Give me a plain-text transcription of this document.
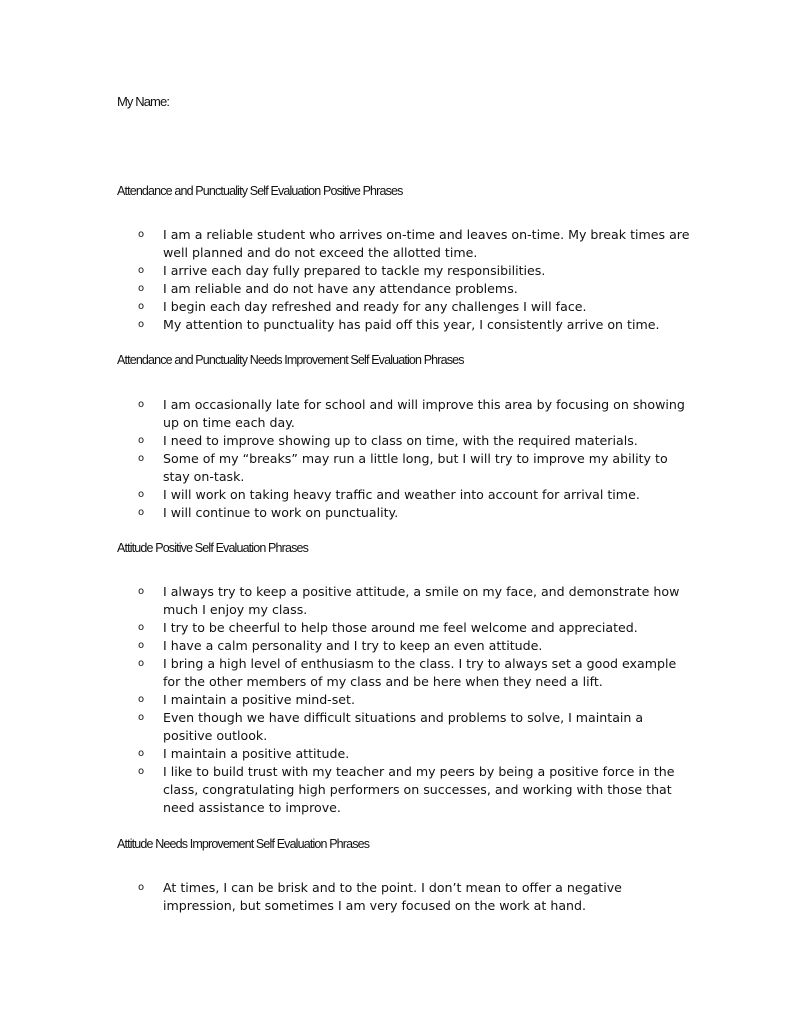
My Name:
Attendance and Punctuality Self Evaluation Positive Phrases
o I am a reliable student who arrives on-time and leaves on-time. My break times are well planned and do not exceed the allotted time.
o I arrive each day fully prepared to tackle my responsibilities.
o I am reliable and do not have any attendance problems.
o I begin each day refreshed and ready for any challenges I will face.
o My attention to punctuality has paid off this year, I consistently arrive on time.
Attendance and Punctuality Needs Improvement Self Evaluation Phrases
o I am occasionally late for school and will improve this area by focusing on showing up on time each day.
o I need to improve showing up to class on time, with the required materials.
o Some of my “breaks” may run a little long, but I will try to improve my ability to stay on-task.
o I will work on taking heavy traffic and weather into account for arrival time.
o I will continue to work on punctuality.
Attitude Positive Self Evaluation Phrases
o I always try to keep a positive attitude, a smile on my face, and demonstrate how much I enjoy my class.
o I try to be cheerful to help those around me feel welcome and appreciated.
o I have a calm personality and I try to keep an even attitude.
o I bring a high level of enthusiasm to the class. I try to always set a good example for the other members of my class and be here when they need a lift.
o I maintain a positive mind-set.
o Even though we have difficult situations and problems to solve, I maintain a positive outlook.
o I maintain a positive attitude.
o I like to build trust with my teacher and my peers by being a positive force in the class, congratulating high performers on successes, and working with those that need assistance to improve.
Attitude Needs Improvement Self Evaluation Phrases
o At times, I can be brisk and to the point. I don’t mean to offer a negative impression, but sometimes I am very focused on the work at hand.
